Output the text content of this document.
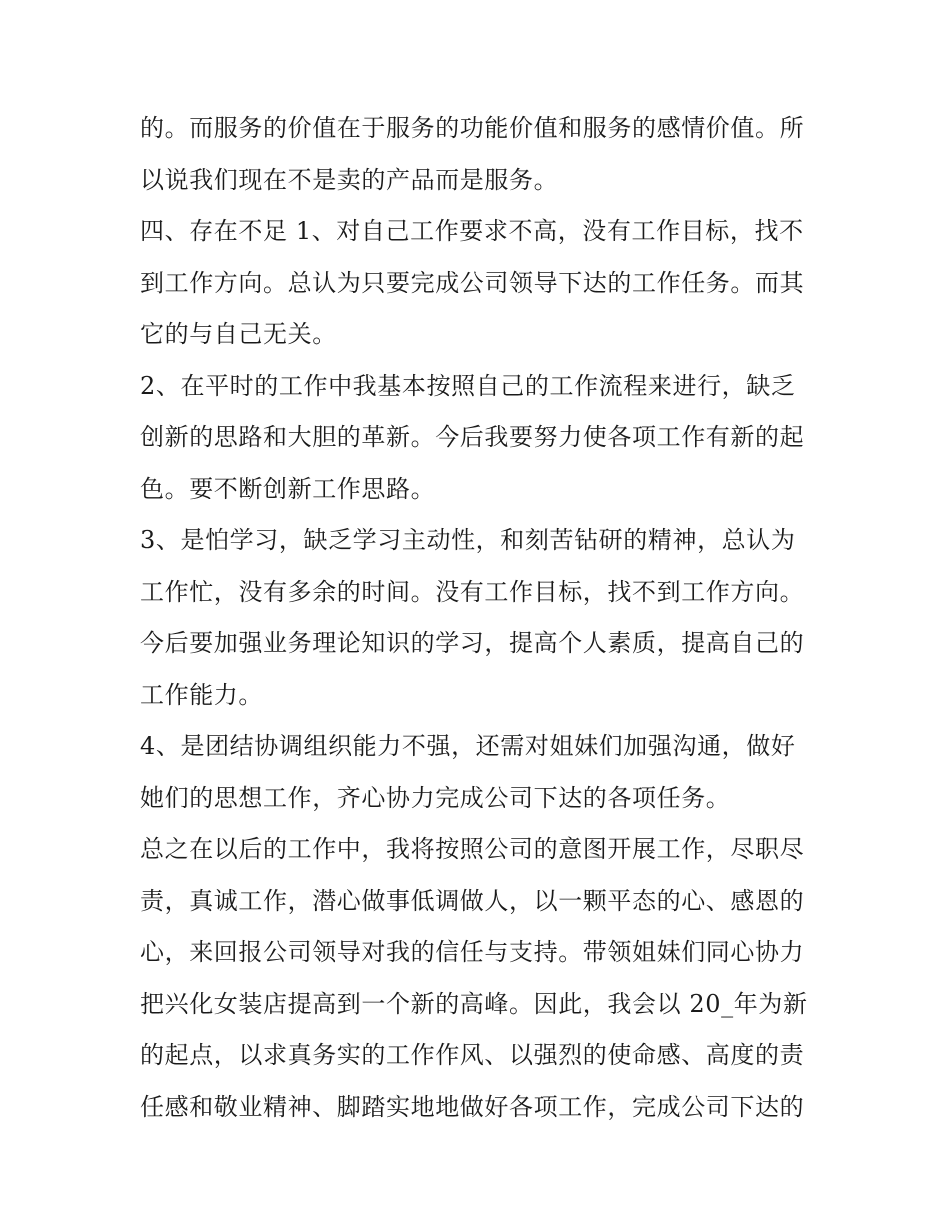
的。而服务的价值在于服务的功能价值和服务的感情价值。所
以说我们现在不是卖的产品而是服务。
四、存在不足 1、对自己工作要求不高，没有工作目标，找不
到工作方向。总认为只要完成公司领导下达的工作任务。而其
它的与自己无关。
2、在平时的工作中我基本按照自己的工作流程来进行，缺乏
创新的思路和大胆的革新。今后我要努力使各项工作有新的起
色。要不断创新工作思路。
3、是怕学习，缺乏学习主动性，和刻苦钻研的精神，总认为
工作忙，没有多余的时间。没有工作目标，找不到工作方向。
今后要加强业务理论知识的学习，提高个人素质，提高自己的
工作能力。
4、是团结协调组织能力不强，还需对姐妹们加强沟通，做好
她们的思想工作，齐心协力完成公司下达的各项任务。
总之在以后的工作中，我将按照公司的意图开展工作，尽职尽
责，真诚工作，潜心做事低调做人，以一颗平态的心、感恩的
心，来回报公司领导对我的信任与支持。带领姐妹们同心协力
把兴化女装店提高到一个新的高峰。因此，我会以 20_年为新
的起点，以求真务实的工作作风、以强烈的使命感、高度的责
任感和敬业精神、脚踏实地地做好各项工作，完成公司下达的
